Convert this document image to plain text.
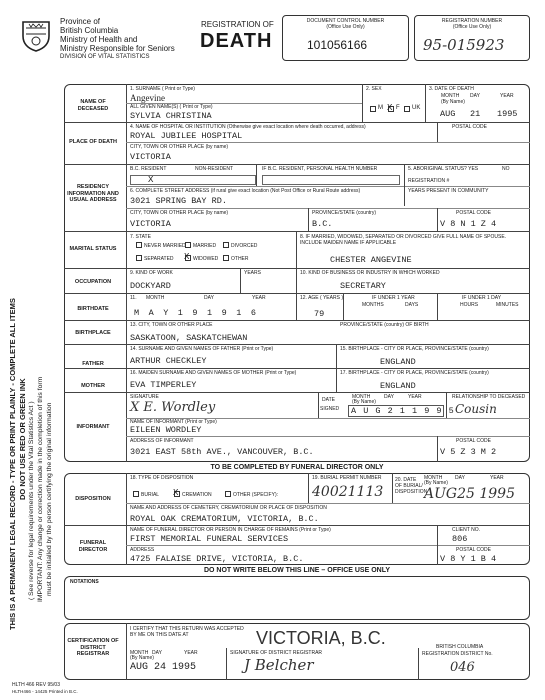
Province of
British Columbia
Ministry of Health and
Ministry Responsible for Seniors
DIVISION OF VITAL STATISTICS
REGISTRATION OF
DEATH
DOCUMENT CONTROL NUMBER
(Office Use Only)
101056166
REGISTRATION NUMBER
(Office Use Only)
95-015923
THIS IS A PERMANENT LEGAL RECORD - TYPE OR PRINT PLAINLY - COMPLETE ALL ITEMS DO NOT USE RED OR GREEN INK ( See reverse for legal requirements under the Vital Statistics Act ) IMPORTANT: Any change or correction made in the completion of this form must be initialled by the person certifying the original information
NAME OF DECEASED
PLACE OF DEATH
RESIDENCY INFORMATION AND USUAL ADDRESS
MARITAL STATUS
OCCUPATION
BIRTHDATE
BIRTHPLACE
FATHER
MOTHER
INFORMANT
1. SURNAME ( Print or Type)
Angevine
ALL GIVEN NAME(S) ( Print or Type)
SYLVIA CHRISTINA
2. SEX
M X F UK
3. DATE OF DEATH
MONTH DAY	YEAR
(By Name)
AUG 21 1995
4. NAME OF HOSPITAL OR INSTITUTION (Otherwise give exact location where death occurred, address)
ROYAL JUBILEE HOSPITAL
POSTAL CODE
CITY, TOWN OR OTHER PLACE (by name)
VICTORIA
B.C. RESIDENT	NON-RESIDENT
X
IF B.C. RESIDENT, PERSONAL HEALTH NUMBER	5. ABORIGINAL STATUS? YES	NO
REGISTRATION #
6. COMPLETE STREET ADDRESS (if rural give exact location (Not Post Office or Rural Route address)	YEARS PRESENT IN COMMUNITY
3021 SPRING BAY RD.
CITY, TOWN OR OTHER PLACE (by name)
VICTORIA
PROVINCE/STATE (country)
B.C.
POSTAL CODE
V 8 N 1 Z 4
7. STATE
NEVER MARRIED MARRIED	DIVORCED
SEPARATED X WIDOWED	OTHER
8. IF MARRIED, WIDOWED, SEPARATED OR DIVORCED GIVE FULL NAME OF SPOUSE. INCLUDE MAIDEN NAME IF APPLICABLE
CHESTER ANGEVINE
9. KIND OF WORK	YEARS
DOCKYARD
10. KIND OF BUSINESS OR INDUSTRY IN WHICH WORKED
SECRETARY
11. MONTH	DAY	YEAR
M A Y 1 9 1 9 1 6
12. AGE ( YEARS )
79
IF UNDER 1 YEAR
MONTHS	DAYS
IF UNDER 1 DAY
HOURS	MINUTES
13. CITY, TOWN OR OTHER PLACE	PROVINCE/STATE (country) OF BIRTH
SASKATOON, SASKATCHEWAN
14. SURNAME AND GIVEN NAMES OF FATHER (Print or Type)
ARTHUR CHECKLEY
15. BIRTHPLACE - CITY OR PLACE, PROVINCE/STATE (country)
ENGLAND
16. MAIDEN SURNAME AND GIVEN NAMES OF MOTHER (Print or Type)
EVA TIMPERLEY
17. BIRTHPLACE - CITY OR PLACE, PROVINCE/STATE (country)
ENGLAND
SIGNATURE
X E. Wordley	DATE
SIGNED
MONTH	DAY	YEAR
(By Name)
A U G 2 1 1 9 9 5
RELATIONSHIP TO DECEASED
Cousin
NAME OF INFORMANT (Print or Type)
EILEEN WORDLEY
ADDRESS OF INFORMANT
3021 EAST 58th AVE., VANCOUVER, B.C.
POSTAL CODE
V 5 Z 3 M 2
TO BE COMPLETED BY FUNERAL DIRECTOR ONLY
DISPOSITION
FUNERAL DIRECTOR
18. TYPE OF DISPOSITION
BURIAL X CREMATION	OTHER (SPECIFY):
19. BURIAL PERMIT NUMBER
40021113
20. DATE OF BURIAL/ DISPOSITION
MONTH	DAY	YEAR
(By Name)
AUG25 1995
NAME AND ADDRESS OF CEMETERY, CREMATORIUM OR PLACE OF DISPOSITION
ROYAL OAK CREMATORIUM, VICTORIA, B.C.
NAME OF FUNERAL DIRECTOR OR PERSON IN CHARGE OF REMAINS (Print or Type)
FIRST MEMORIAL FUNERAL SERVICES
CLIENT NO.
806
ADDRESS
4725 FALAISE DRIVE, VICTORIA, B.C.
POSTAL CODE
V 8 Y 1 B 4
DO NOT WRITE BELOW THIS LINE – OFFICE USE ONLY
NOTATIONS
CERTIFICATION OF DISTRICT REGISTRAR
I CERTIFY THAT THIS RETURN WAS ACCEPTED BY ME ON THIS DATE AT	VICTORIA, B.C.
MONTH DAY	YEAR
(By Name)
AUG 24 1995
SIGNATURE OF DISTRICT REGISTRAR
J Belcher
BRITISH COLUMBIA
REGISTRATION DISTRICT No.
046
HLTH 466 REV 95/03
HLTH466 - 14425 Printed in B.C.
